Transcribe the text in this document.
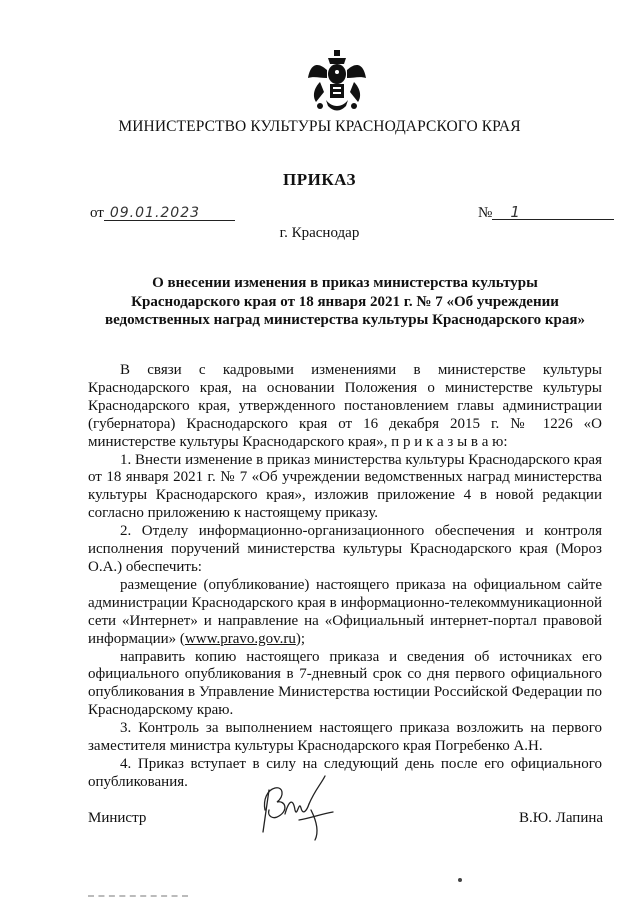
МИНИСТЕРСТВО КУЛЬТУРЫ КРАСНОДАРСКОГО КРАЯ
ПРИКАЗ
от 09.01.2023	№ 1
г. Краснодар
О внесении изменения в приказ министерства культуры
Краснодарского края от 18 января 2021 г. № 7 «Об учреждении
ведомственных наград министерства культуры Краснодарского края»

В связи с кадровыми изменениями в министерстве культуры Краснодарского края, на основании Положения о министерстве культуры Краснодарского края, утвержденного постановлением главы администрации (губернатора) Краснодарского края от 16 декабря 2015 г. № 1226 «О министерстве культуры Краснодарского края», п р и к а з ы в а ю:

1. Внести изменение в приказ министерства культуры Краснодарского края от 18 января 2021 г. № 7 «Об учреждении ведомственных наград министерства культуры Краснодарского края», изложив приложение 4 в новой редакции согласно приложению к настоящему приказу.

2. Отделу информационно-организационного обеспечения и контроля исполнения поручений министерства культуры Краснодарского края (Мороз О.А.) обеспечить:

размещение (опубликование) настоящего приказа на официальном сайте администрации Краснодарского края в информационно-телекоммуникационной сети «Интернет» и направление на «Официальный интернет-портал правовой информации» (www.pravo.gov.ru);

направить копию настоящего приказа и сведения об источниках его официального опубликования в 7-дневный срок со дня первого официального опубликования в Управление Министерства юстиции Российской Федерации по Краснодарскому краю.

3. Контроль за выполнением настоящего приказа возложить на первого заместителя министра культуры Краснодарского края Погребенко А.Н.

4. Приказ вступает в силу на следующий день после его официального опубликования.

Министр	В.Ю. Лапина
